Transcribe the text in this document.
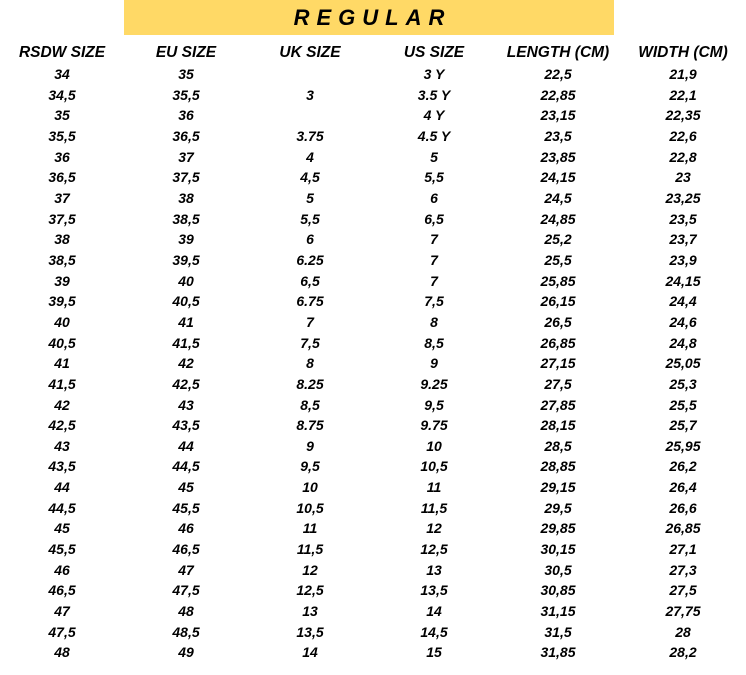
REGULAR
RSDW SIZE	EU SIZE	UK SIZE	US SIZE	LENGTH (CM)	WIDTH (CM)
34	35		3 Y	22,5	21,9
34,5	35,5	3	3.5 Y	22,85	22,1
35	36		4 Y	23,15	22,35
35,5	36,5	3.75	4.5 Y	23,5	22,6
36	37	4	5	23,85	22,8
36,5	37,5	4,5	5,5	24,15	23
37	38	5	6	24,5	23,25
37,5	38,5	5,5	6,5	24,85	23,5
38	39	6	7	25,2	23,7
38,5	39,5	6.25	7	25,5	23,9
39	40	6,5	7	25,85	24,15
39,5	40,5	6.75	7,5	26,15	24,4
40	41	7	8	26,5	24,6
40,5	41,5	7,5	8,5	26,85	24,8
41	42	8	9	27,15	25,05
41,5	42,5	8.25	9.25	27,5	25,3
42	43	8,5	9,5	27,85	25,5
42,5	43,5	8.75	9.75	28,15	25,7
43	44	9	10	28,5	25,95
43,5	44,5	9,5	10,5	28,85	26,2
44	45	10	11	29,15	26,4
44,5	45,5	10,5	11,5	29,5	26,6
45	46	11	12	29,85	26,85
45,5	46,5	11,5	12,5	30,15	27,1
46	47	12	13	30,5	27,3
46,5	47,5	12,5	13,5	30,85	27,5
47	48	13	14	31,15	27,75
47,5	48,5	13,5	14,5	31,5	28
48	49	14	15	31,85	28,2
